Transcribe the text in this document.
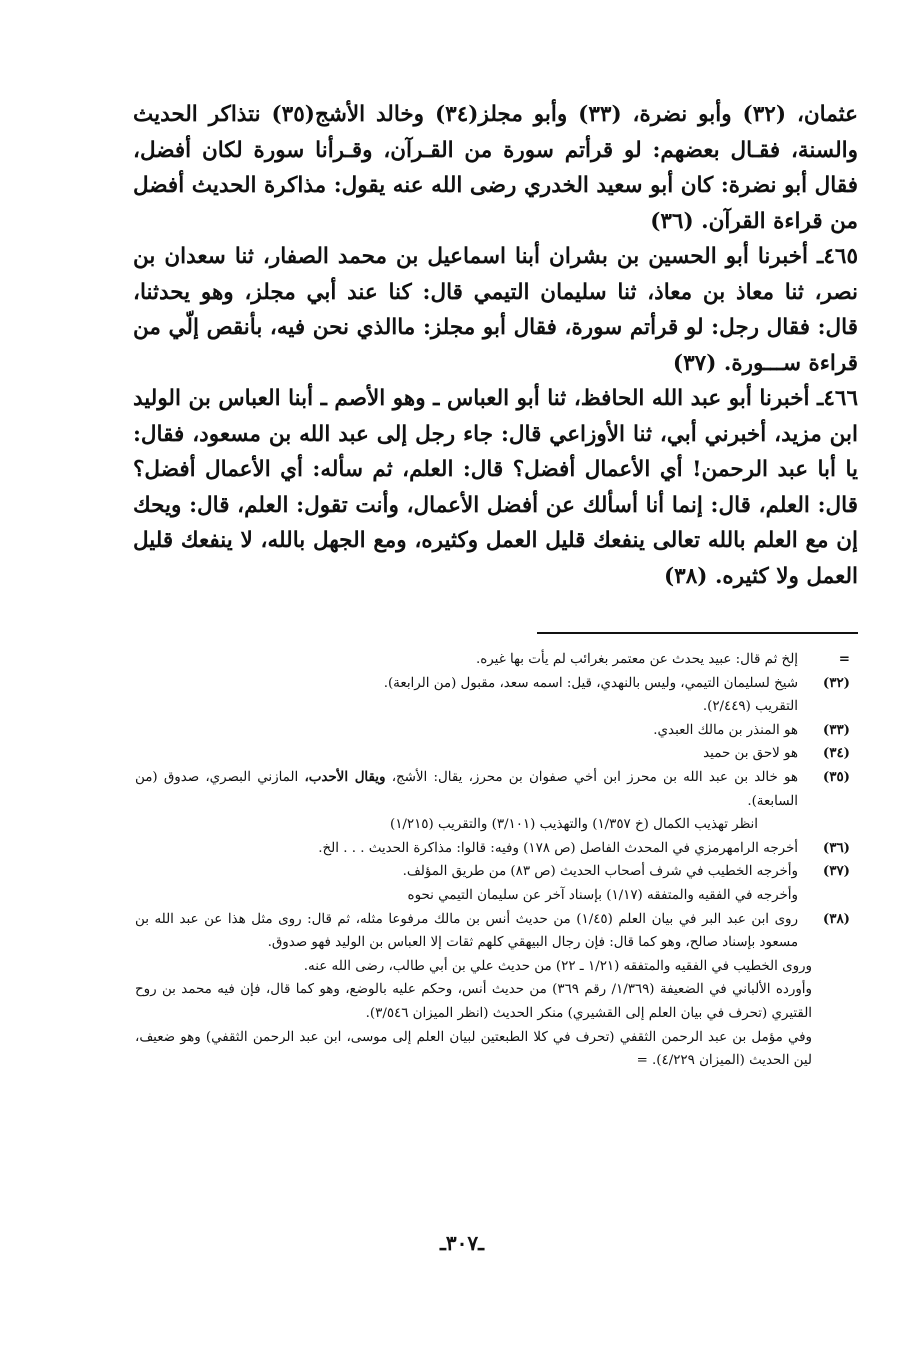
عثمان، (٣٢) وأبو نضرة، (٣٣) وأبو مجلز(٣٤) وخالد الأشج(٣٥) نتذاكر الحديث والسنة، فقـال بعضهم: لو قرأتم سورة من القـرآن، وقـرأنا سورة لكان أفضل، فقال أبو نضرة: كان أبو سعيد الخدري رضى الله عنه يقول: مذاكرة الحديث أفضل من قراءة القرآن. (٣٦)

٤٦٥ـ أخبرنا أبو الحسين بن بشران أبنا اسماعيل بن محمد الصفار، ثنا سعدان بن نصر، ثنا معاذ بن معاذ، ثنا سليمان التيمي قال: كنا عند أبي مجلز، وهو يحدثنا، قال: فقال رجل: لو قرأتم سورة، فقال أبو مجلز: ماالذي نحن فيه، بأنقص إلّي من قراءة ســـورة. (٣٧)

٤٦٦ـ أخبرنا أبو عبد الله الحافظ، ثنا أبو العباس ـ وهو الأصم ـ أبنا العباس بن الوليد ابن مزيد، أخبرني أبي، ثنا الأوزاعي قال: جاء رجل إلى عبد الله بن مسعود، فقال: يا أبا عبد الرحمن! أي الأعمال أفضل؟ قال: العلم، ثم سأله: أي الأعمال أفضل؟ قال: العلم، قال: إنما أنا أسألك عن أفضل الأعمال، وأنت تقول: العلم، قال: ويحك إن مع العلم بالله تعالى ينفعك قليل العمل وكثيره، ومع الجهل بالله، لا ينفعك قليل العمل ولا كثيره. (٣٨)

=
إلخ ثم قال: عبيد يحدث عن معتمر بغرائب لم يأت بها غيره.
(٣٢)
شيخ لسليمان التيمي، وليس بالنهدي، قيل: اسمه سعد، مقبول (من الرابعة).
التقريب (٢/٤٤٩).
(٣٣)
هو المنذر بن مالك العبدي.
(٣٤)
هو لاحق بن حميد
(٣٥)
هو خالد بن عبد الله بن محرز ابن أخي صفوان بن محرز، يقال: الأشج، ويقال الأحدب، المازني البصري، صدوق (من السابعة).
انظر تهذيب الكمال (خ ١/٣٥٧) والتهذيب (٣/١٠١) والتقريب (١/٢١٥)
(٣٦)
أخرجه الرامهرمزي في المحدث الفاصل (ص ١٧٨) وفيه: قالوا: مذاكرة الحديث . . . الخ.
(٣٧)
وأخرجه الخطيب في شرف أصحاب الحديث (ص ٨٣) من طريق المؤلف.
وأخرجه في الفقيه والمتفقه (١/١٧) بإسناد آخر عن سليمان التيمي نحوه
(٣٨)
روى ابن عبد البر في بيان العلم (١/٤٥) من حديث أنس بن مالك مرفوعا مثله، ثم قال: روى مثل هذا عن عبد الله بن مسعود بإسناد صالح، وهو كما قال: فإن رجال البيهقي كلهم ثقات إلا العباس بن الوليد فهو صدوق.
وروى الخطيب في الفقيه والمتفقه (١/٢١ ـ ٢٢) من حديث علي بن أبي طالب، رضى الله عنه.
وأورده الألباني في الضعيفة (١/٣٦٩/ رقم ٣٦٩) من حديث أنس، وحكم عليه بالوضع، وهو كما قال، فإن فيه محمد بن روح القتيري (تحرف في بيان العلم إلى القشيري) منكر الحديث (انظر الميزان ٣/٥٤٦).
وفي مؤمل بن عبد الرحمن الثقفي (تحرف في كلا الطبعتين لبيان العلم إلى موسى، ابن عبد الرحمن الثقفي) وهو ضعيف، لين الحديث (الميزان ٤/٢٢٩). =
ـ٣٠٧ـ
